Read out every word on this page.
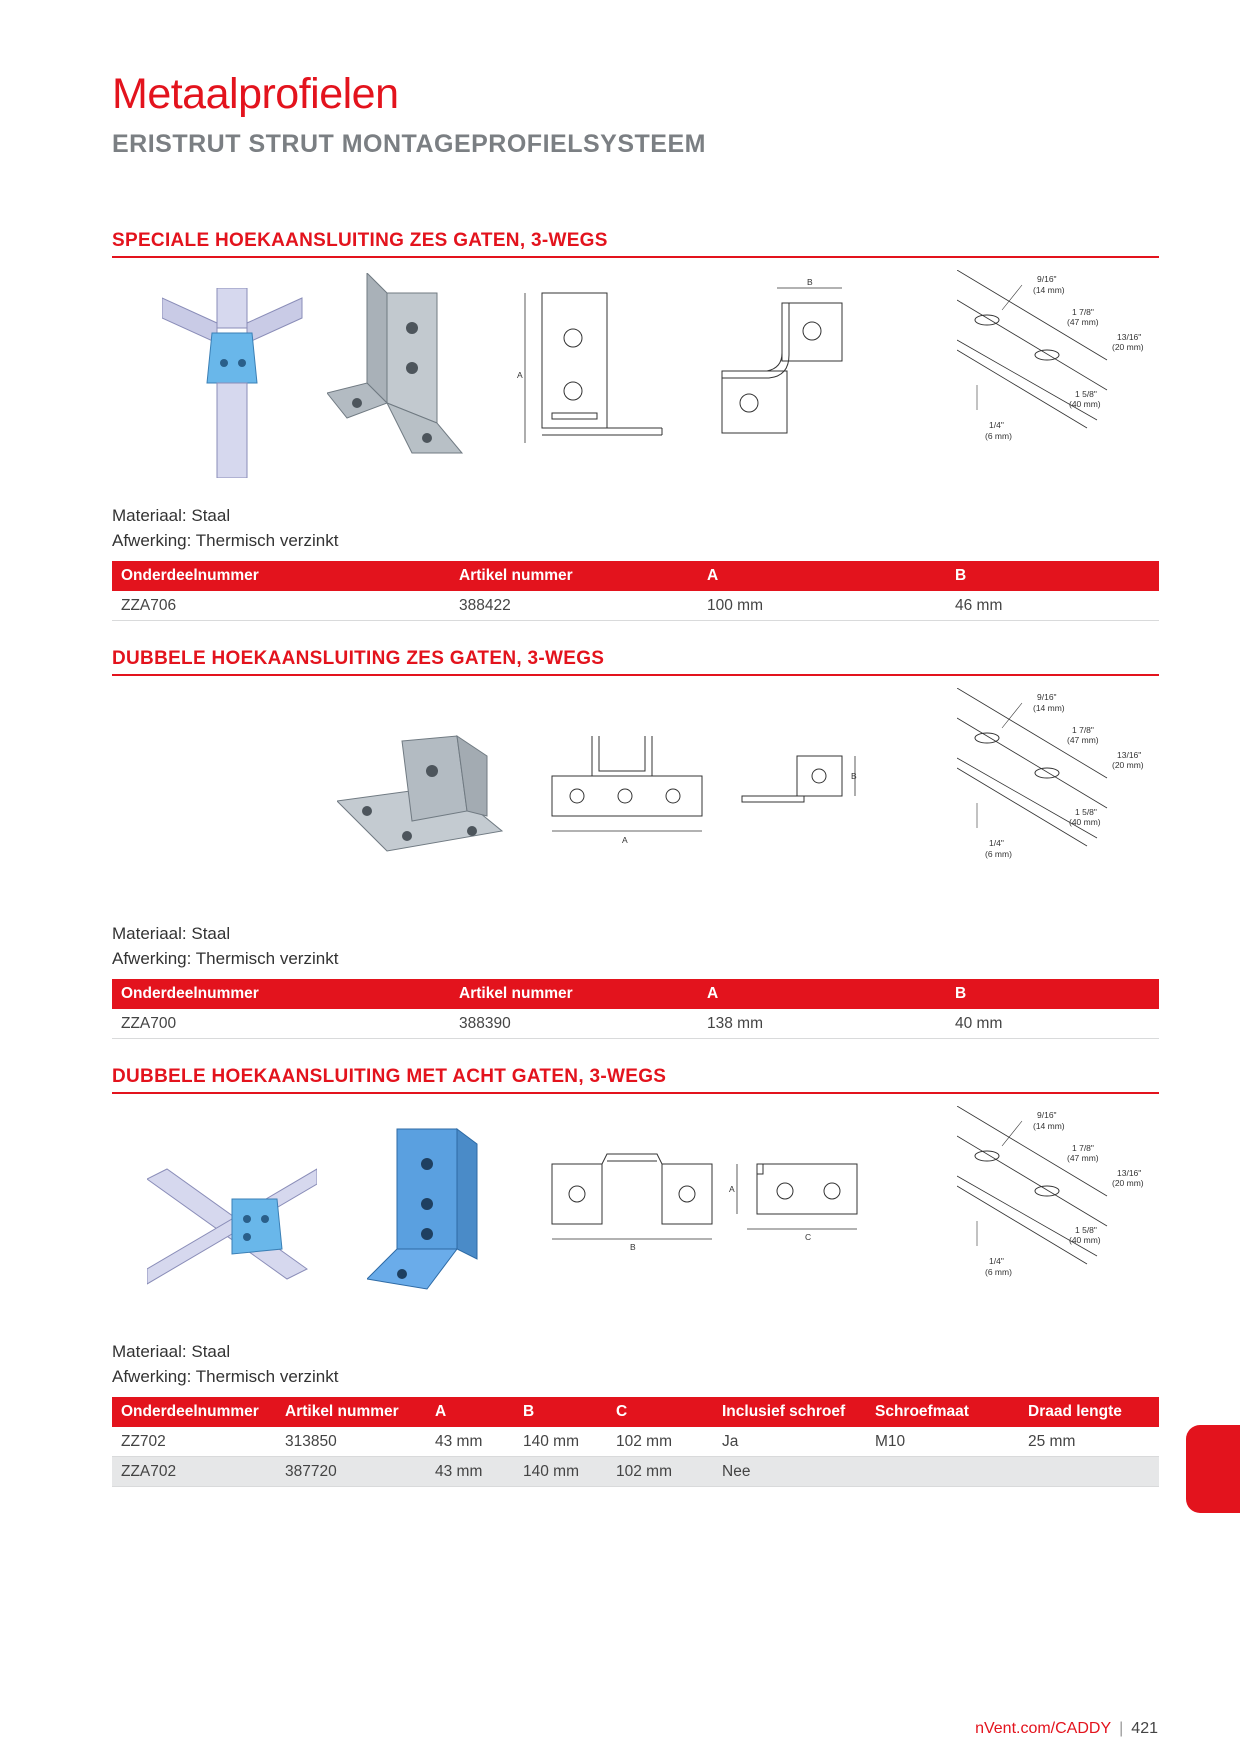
Metaalprofielen
ERISTRUT STRUT MONTAGEPROFIELSYSTEEM
SPECIALE HOEKAANSLUITING ZES GATEN, 3-WEGS
A
B	9/16"
(14 mm)
1 7/8"
(47 mm)
13/16"
(20 mm)
1 5/8"
(40 mm)
1/4"
(6 mm)
Materiaal: Staal
Afwerking: Thermisch verzinkt
Onderdeelnummer	Artikel nummer	A	B
ZZA706	388422	100 mm	46 mm
DUBBELE HOEKAANSLUITING ZES GATEN, 3-WEGS
A
B
9/16"
(14 mm)
1 7/8"
(47 mm)
13/16"
(20 mm)
1 5/8"
(40 mm)
1/4"
(6 mm)
Materiaal: Staal
Afwerking: Thermisch verzinkt
Onderdeelnummer	Artikel nummer	A	B
ZZA700	388390	138 mm	40 mm
DUBBELE HOEKAANSLUITING MET ACHT GATEN, 3-WEGS
B
A
C
9/16"
(14 mm)
1 7/8"
(47 mm)
13/16"
(20 mm)
1 5/8"
(40 mm)
1/4"
(6 mm)
Materiaal: Staal
Afwerking: Thermisch verzinkt
Onderdeelnummer	Artikel nummer	A	B	C	Inclusief schroef	Schroefmaat	Draad lengte
ZZ702	313850	43 mm	140 mm	102 mm	Ja	M10	25 mm
ZZA702	387720	43 mm	140 mm	102 mm	Nee		
nVent.com/CADDY | 421
